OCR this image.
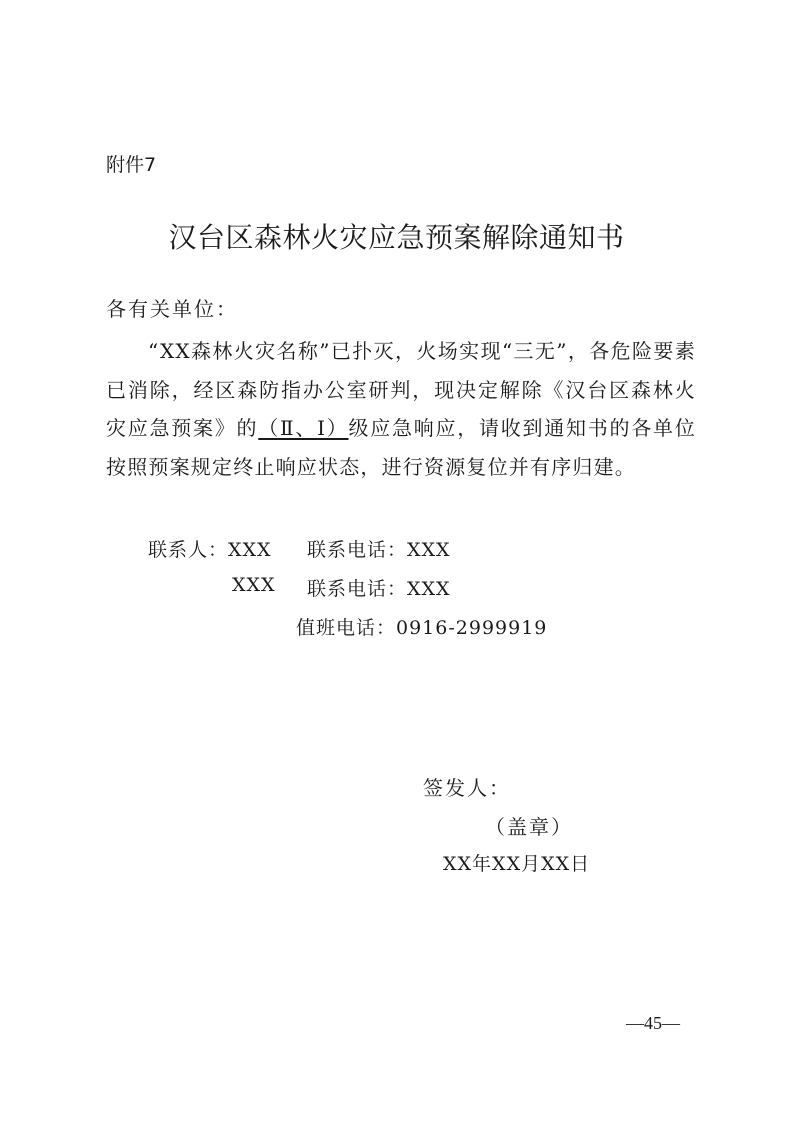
附件7
汉台区森林火灾应急预案解除通知书
各有关单位：
“XX森林火灾名称”已扑灭，火场实现“三无”，各危险要素已消除，经区森防指办公室研判，现决定解除《汉台区森林火灾应急预案》的（Ⅱ、Ⅰ）级应急响应，请收到通知书的各单位按照预案规定终止响应状态，进行资源复位并有序归建。
联系人：XXX 联系电话：XXX
XXX 联系电话：XXX
值班电话：0916-2999919
签发人：
（盖章）
XX年XX月XX日
—45—
